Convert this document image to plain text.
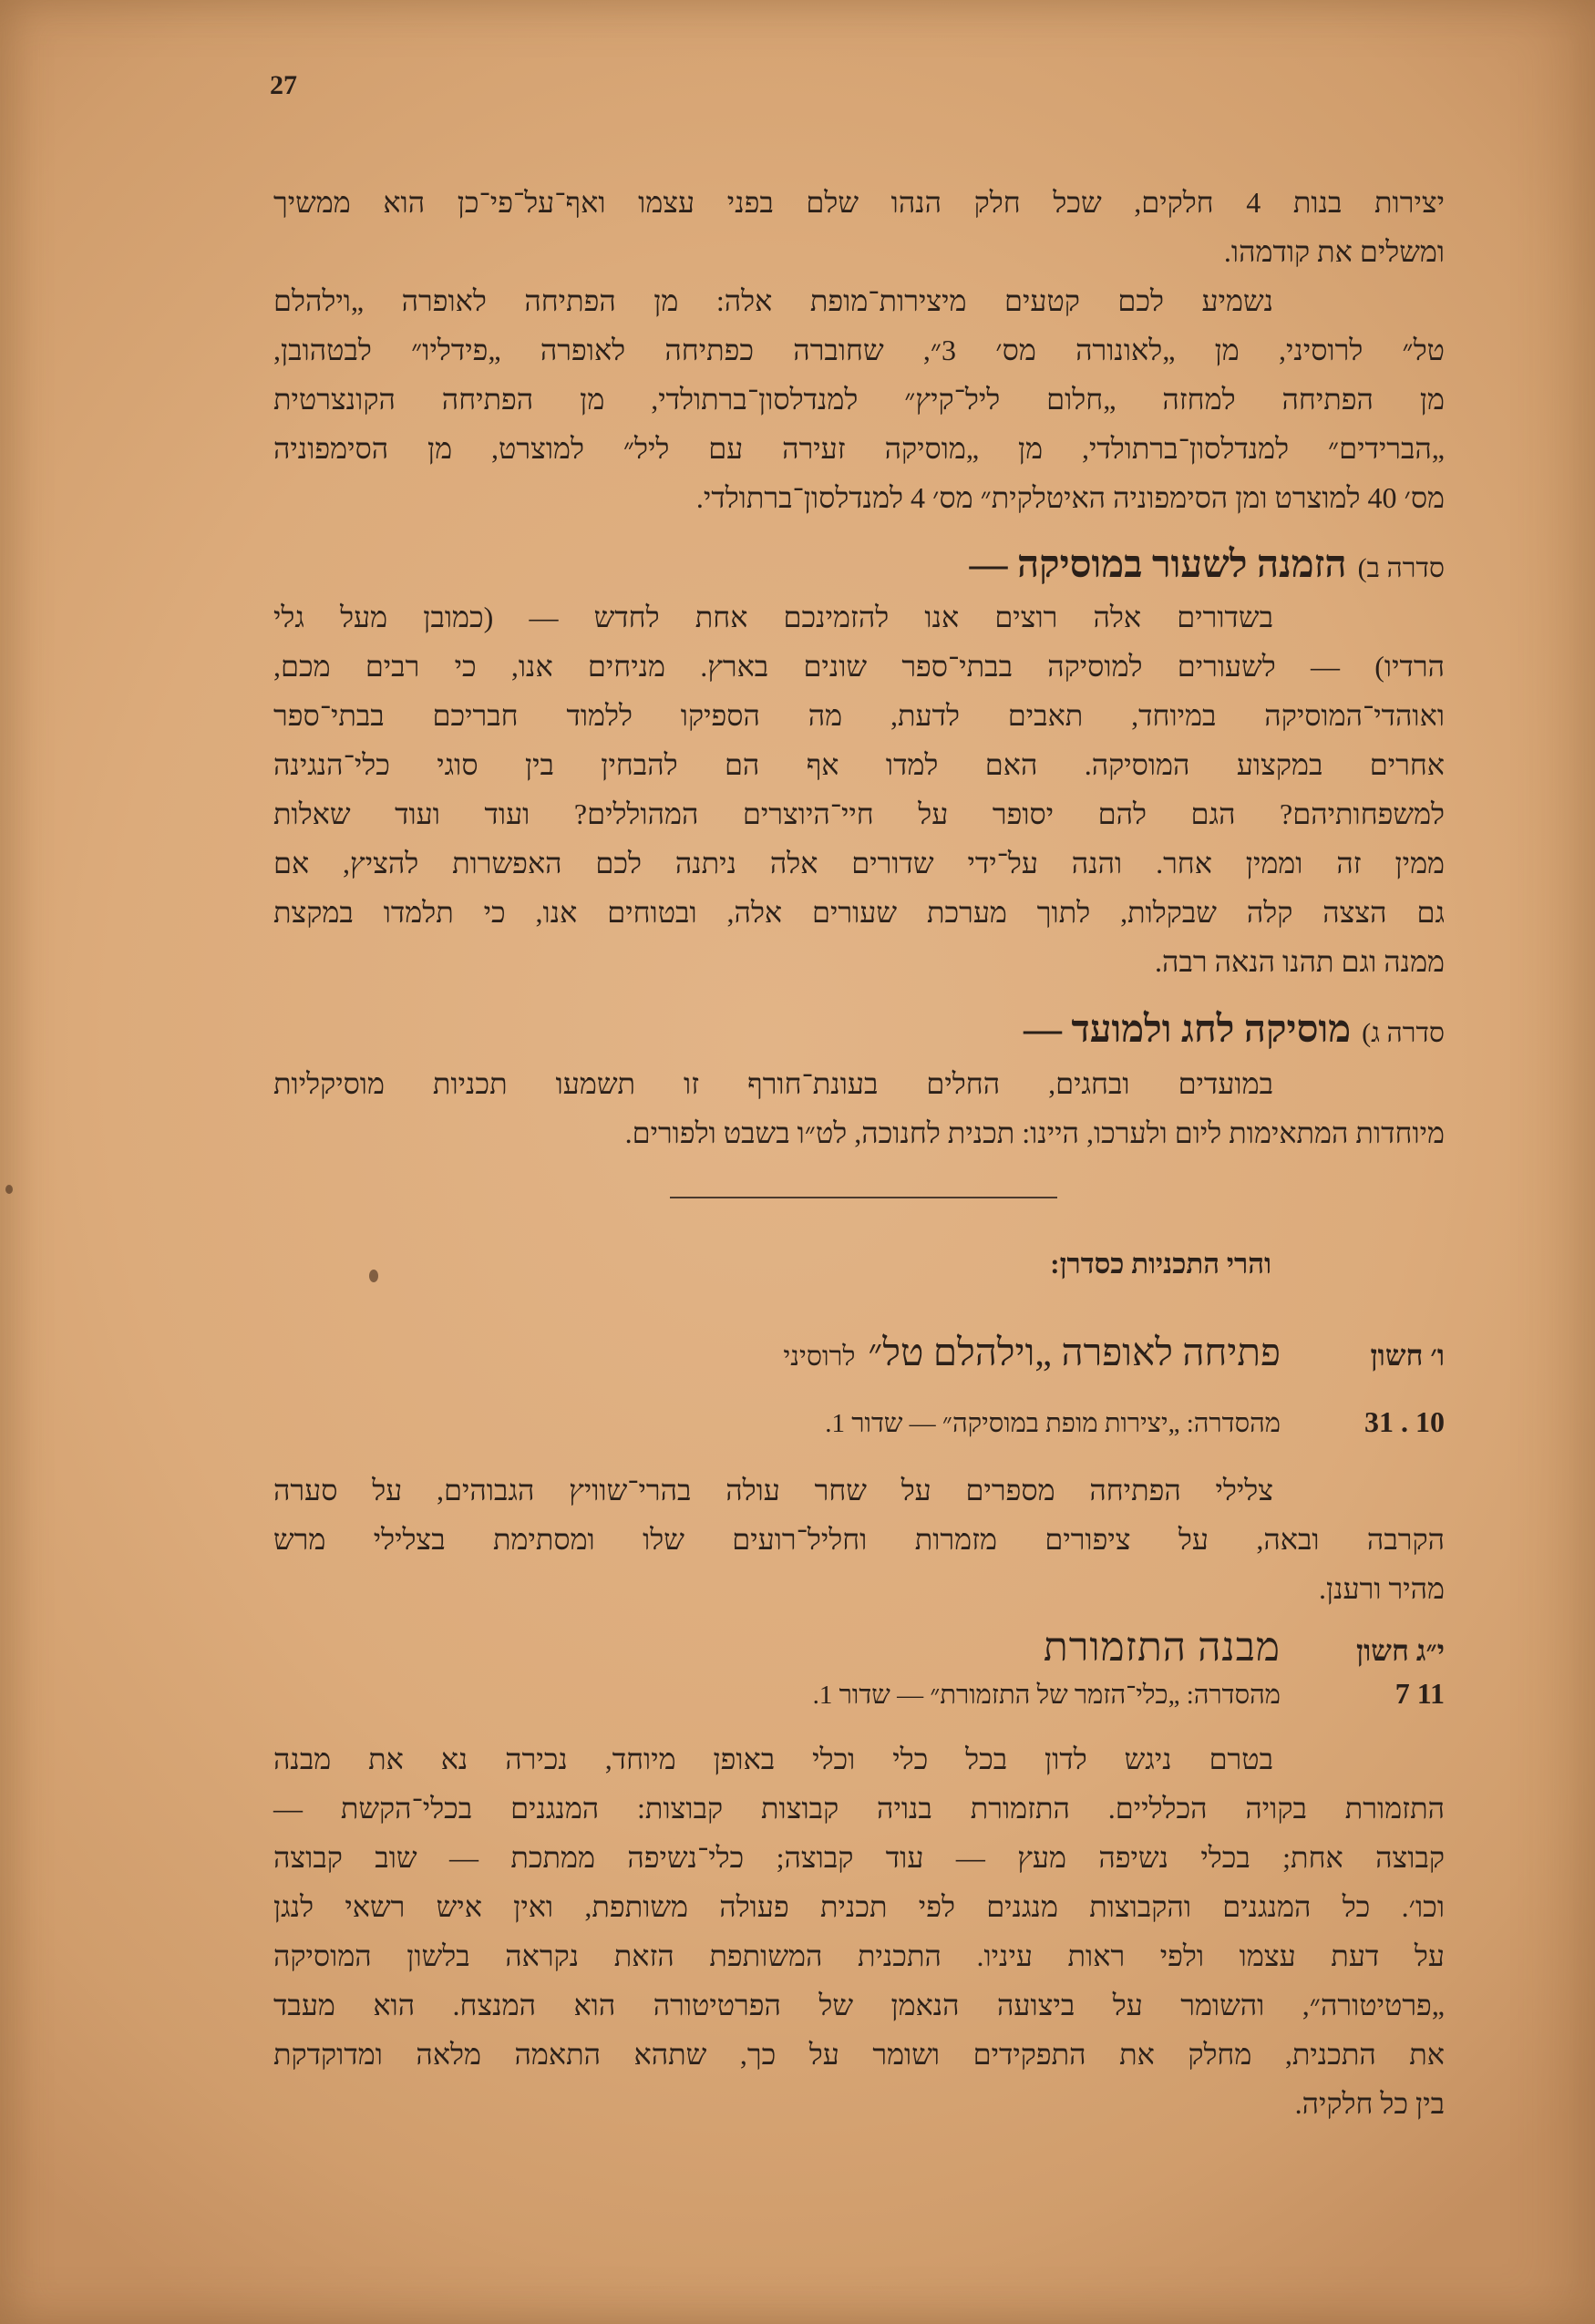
27
יצירות בנות 4 חלקים, שכל חלק הנהו שלם בפני עצמו ואף־על־פי־כן הוא ממשיך
ומשלים את קודמהו.
נשמיע לכם קטעים מיצירות־מופת אלה: מן הפתיחה לאופרה „וילהלם
טל״ לרוסיני, מן „לאונורה מס׳ 3״, שחוברה כפתיחה לאופרה „פידליו״ לבטהובן,
מן הפתיחה למחזה „חלום ליל־קיץ״ למנדלסון־ברתולדי, מן הפתיחה הקונצרטית
„הברידים״ למנדלסון־ברתולדי, מן „מוסיקה זעירה עם ליל״ למוצרט, מן הסימפוניה
מס׳ 40 למוצרט ומן הסימפוניה האיטלקית״ מס׳ 4 למנדלסון־ברתולדי.
סדרה ב)הזמנה לשעור במוסיקה —
בשדורים אלה רוצים אנו להזמינכם אחת לחדש — (כמובן מעל גלי
הרדיו) — לשעורים למוסיקה בבתי־ספר שונים בארץ. מניחים אנו, כי רבים מכם,
ואוהדי־המוסיקה במיוחד, תאבים לדעת, מה הספיקו ללמוד חבריכם בבתי־ספר
אחרים במקצוע המוסיקה. האם למדו אף הם להבחין בין סוגי כלי־הנגינה
למשפחותיהם? הגם להם יסופר על חיי־היוצרים המהוללים? ועוד ועוד שאלות
ממין זה וממין אחר. והנה על־ידי שדורים אלה ניתנה לכם האפשרות להציץ, אם
גם הצצה קלה שבקלות, לתוך מערכת שעורים אלה, ובטוחים אנו, כי תלמדו במקצת
ממנה וגם תהנו הנאה רבה.
סדרה ג)מוסיקה לחג ולמועד —
במועדים ובחגים, החלים בעונת־חורף זו תשמעו תכניות מוסיקליות
מיוחדות המתאימות ליום ולערכו, היינו: תכנית לחנוכה, לט״ו בשבט ולפורים.
והרי התכניות כסדרן:
ו׳ חשון
פתיחה לאופרה „וילהלם טל״
לרוסיני
31 . 10
מהסדרה: „יצירות מופת במוסיקה״ — שדור 1.
צלילי הפתיחה מספרים על שחר עולה בהרי־שוויץ הגבוהים, על סערה
הקרבה ובאה, על ציפורים מזמרות וחליל־רועים שלו ומסתימת בצלילי מרש
מהיר ורענן.
י״ג חשון
מבנה התזמורת
7 11
מהסדרה: „כלי־הזמר של התזמורת״ — שדור 1.
בטרם ניגש לדון בכל כלי וכלי באופן מיוחד, נכירה נא את מבנה
התזמורת בקויה הכלליים. התזמורת בנויה קבוצות קבוצות: המנגנים בכלי־הקשת —
קבוצה אחת; בכלי נשיפה מעץ — עוד קבוצה; כלי־נשיפה ממתכת — שוב קבוצה
וכו׳. כל המנגנים והקבוצות מנגנים לפי תכנית פעולה משותפת, ואין איש רשאי לנגן
על דעת עצמו ולפי ראות עיניו. התכנית המשותפת הזאת נקראה בלשון המוסיקה
„פרטיטורה״, והשומר על ביצועה הנאמן של הפרטיטורה הוא המנצח. הוא מעבד
את התכנית, מחלק את התפקידים ושומר על כך, שתהא התאמה מלאה ומדוקדקת
בין כל חלקיה.
